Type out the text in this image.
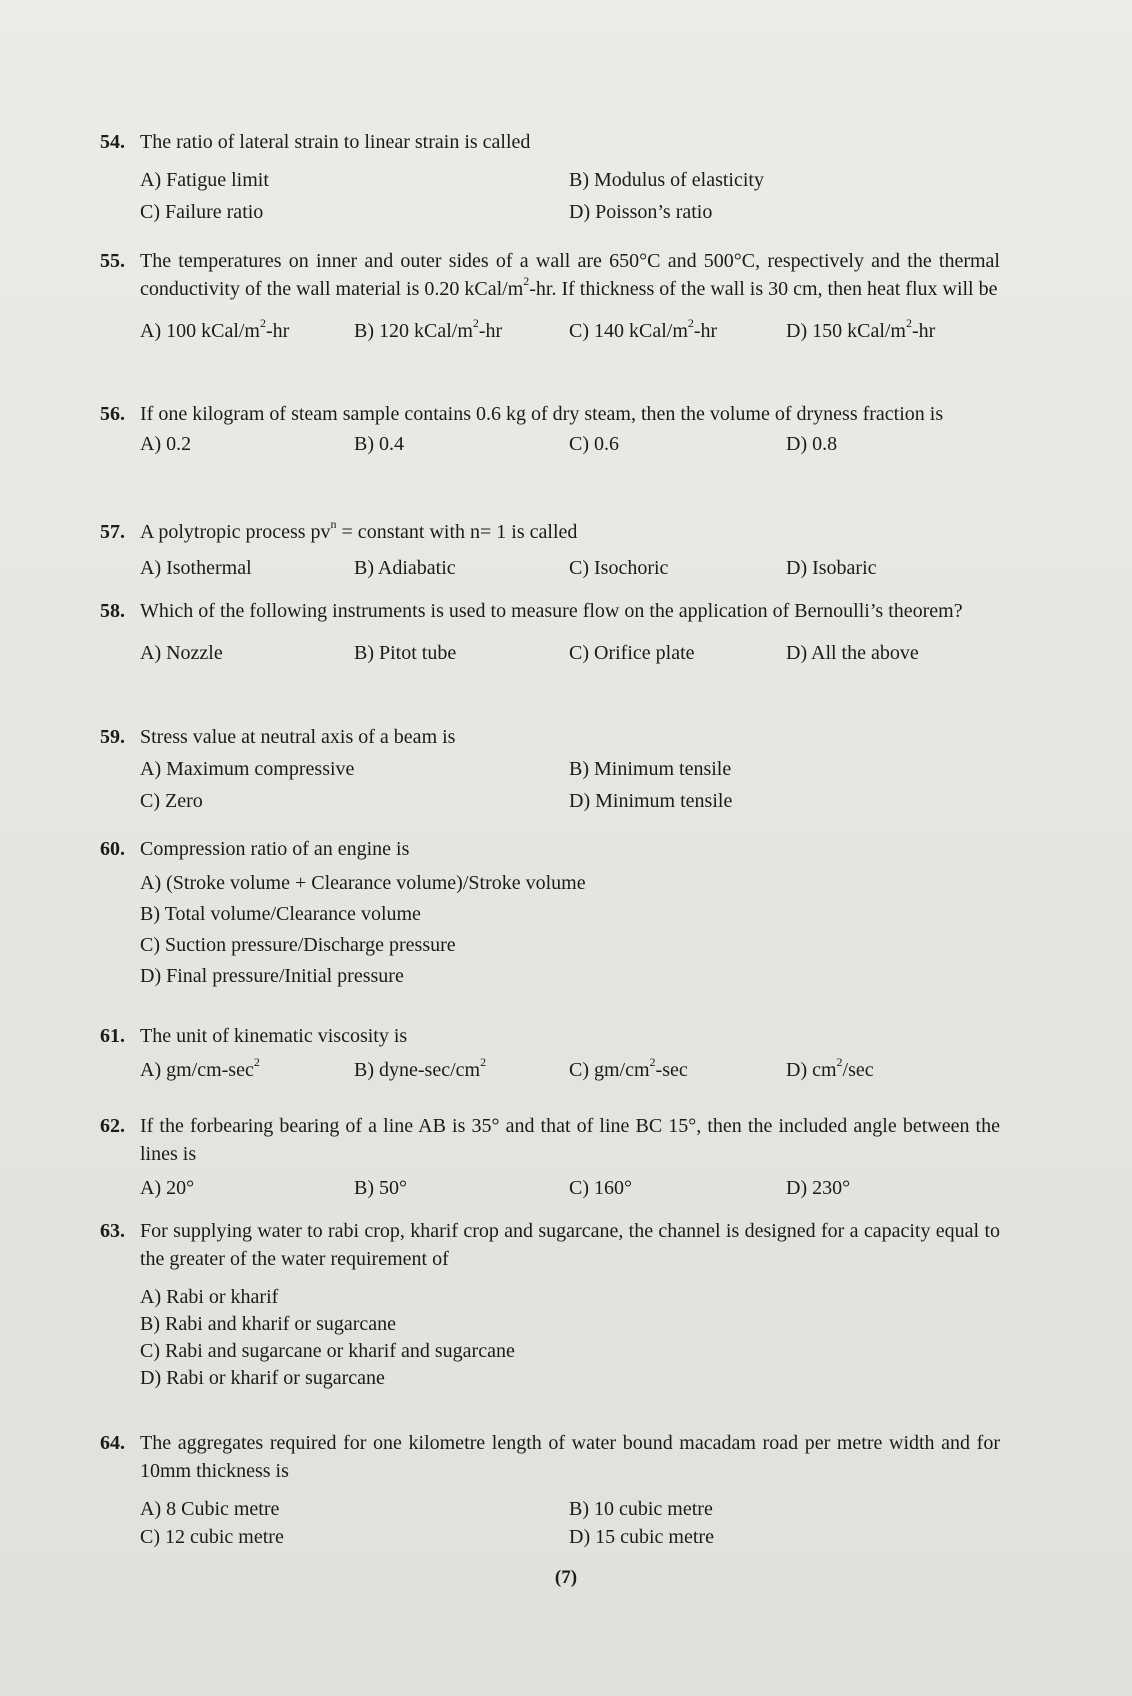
54. The ratio of lateral strain to linear strain is called
A) Fatigue limit	B) Modulus of elasticity
C) Failure ratio	D) Poisson’s ratio
55. The temperatures on inner and outer sides of a wall are 650°C and 500°C, respectively and the thermal conductivity of the wall material is 0.20 kCal/$m^2-hr$. If thickness of the wall is 30 cm, then heat flux will be
A) 100 kCal/$m^2-hr$	B) 120 kCal/$m^2-hr$	C) 140 kCal/$m^2-hr$	D) 150 kCal/$m^2-hr$
56. If one kilogram of steam sample contains 0.6 kg of dry steam, then the volume of dryness fraction is
A) 0.2	B) 0.4	C) 0.6	D) 0.8
57. A polytropic process $pv^n$ = constant with n= 1 is called
A) Isothermal	B) Adiabatic	C) Isochoric	D) Isobaric
58. Which of the following instruments is used to measure flow on the application of Bernoulli’s theorem?
A) Nozzle	B) Pitot tube	C) Orifice plate	D) All the above
59. Stress value at neutral axis of a beam is
A) Maximum compressive	B) Minimum tensile
C) Zero	D) Minimum tensile
60. Compression ratio of an engine is
A) (Stroke volume + Clearance volume)/Stroke volume
B) Total volume/Clearance volume
C) Suction pressure/Discharge pressure
D) Final pressure/Initial pressure
61. The unit of kinematic viscosity is
A) $gm/cm-\sec^2$	B) dyne-$\sec/cm^2$	C) $gm/cm^2-\sec$	D) $cm^2/\sec$
62. If the forbearing bearing of a line AB is 35° and that of line BC 15°, then the included angle between the lines is
A) 20°	B) 50°	C) 160°	D) 230°
63. For supplying water to rabi crop, kharif crop and sugarcane, the channel is designed for a capacity equal to the greater of the water requirement of
A) Rabi or kharif
B) Rabi and kharif or sugarcane
C) Rabi and sugarcane or kharif and sugarcane
D) Rabi or kharif or sugarcane
64. The aggregates required for one kilometre length of water bound macadam road per metre width and for 10mm thickness is
A) 8 Cubic metre	B) 10 cubic metre
C) 12 cubic metre	D) 15 cubic metre
(7)
